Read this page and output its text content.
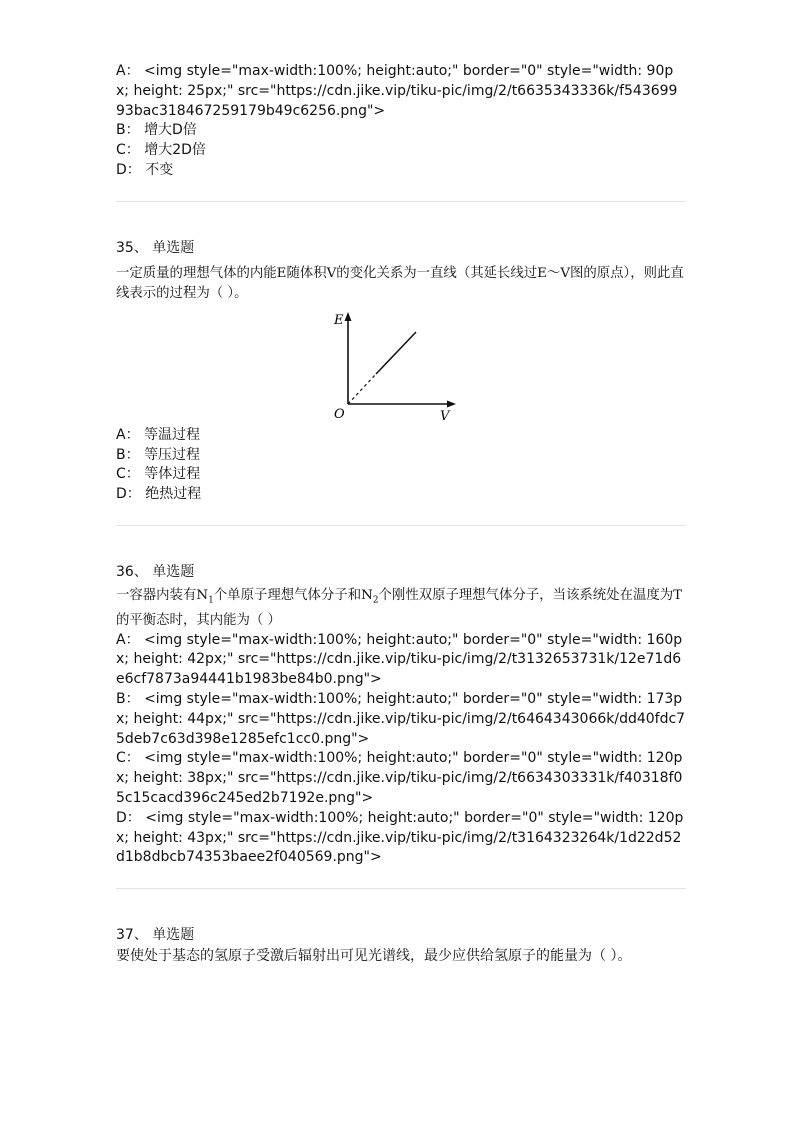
A： <img style="max-width:100%; height:auto;" border="0" style="width: 90px; height: 25px;" src="https://cdn.jike.vip/tiku-pic/img/2/t6635343336k/f54369993bac318467259179b49c6256.png">
B： 增大D倍
C： 增大2D倍
D： 不变
35、 单选题
一定质量的理想气体的内能E随体积V的变化关系为一直线（其延长线过E～V图的原点），则此直线表示的过程为（ ）。
E
V
O
A： 等温过程
B： 等压过程
C： 等体过程
D： 绝热过程
36、 单选题
一容器内装有$N_1$个单原子理想气体分子和$N_2$个刚性双原子理想气体分子，当该系统处在温度为T的平衡态时，其内能为（ ）
A： <img style="max-width:100%; height:auto;" border="0" style="width: 160px; height: 42px;" src="https://cdn.jike.vip/tiku-pic/img/2/t3132653731k/12e71d6e6cf7873a94441b1983be84b0.png">
B： <img style="max-width:100%; height:auto;" border="0" style="width: 173px; height: 44px;" src="https://cdn.jike.vip/tiku-pic/img/2/t6464343066k/dd40fdc75deb7c63d398e1285efc1cc0.png">
C： <img style="max-width:100%; height:auto;" border="0" style="width: 120px; height: 38px;" src="https://cdn.jike.vip/tiku-pic/img/2/t6634303331k/f40318f05c15cacd396c245ed2b7192e.png">
D： <img style="max-width:100%; height:auto;" border="0" style="width: 120px; height: 43px;" src="https://cdn.jike.vip/tiku-pic/img/2/t3164323264k/1d22d52d1b8dbcb74353baee2f040569.png">
37、 单选题
要使处于基态的氢原子受激后辐射出可见光谱线，最少应供给氢原子的能量为（ ）。
